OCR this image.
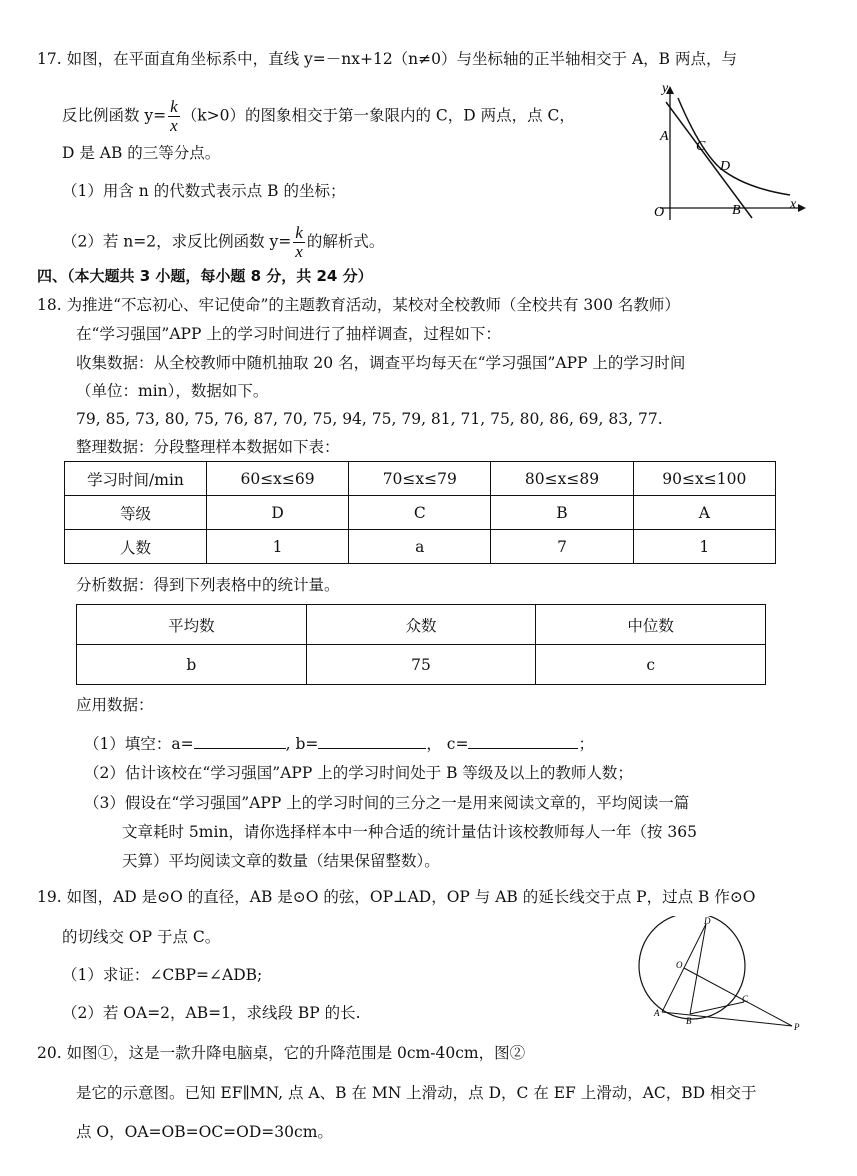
17. 如图，在平面直角坐标系中，直线 y=－nx+12（n≠0）与坐标轴的正半轴相交于 A，B 两点，与
反比例函数 $y= \frac{k}{x} (k>0)$的图象相交于第一象限内的 C，D 两点，点 C，
D 是 AB 的三等分点。
（1）用含 n 的代数式表示点 B 的坐标；
（2）若 n=2，求反比例函数 $y= \frac{k}{x}$ 的解析式。
y
x
A
C
D
O	B
四、（本大题共 3 小题，每小题 8 分，共 24 分）
18. 为推进“不忘初心、牢记使命”的主题教育活动，某校对全校教师（全校共有 300 名教师）
在“学习强国”APP 上的学习时间进行了抽样调查，过程如下：
收集数据：从全校教师中随机抽取 20 名，调查平均每天在“学习强国”APP 上的学习时间
（单位：min），数据如下。
79, 85, 73, 80, 75, 76, 87, 70, 75, 94, 75, 79, 81, 71, 75, 80, 86, 69, 83, 77.
整理数据：分段整理样本数据如下表：
学习时间/min	60≤x≤69	70≤x≤79	80≤x≤89	90≤x≤100
等级	D	C	B	A
人数	1	a	7	1
分析数据：得到下列表格中的统计量。
平均数	众数	中位数
b	75	c
应用数据：
（1）填空：a=	, b=	， c=	；
（2）估计该校在“学习强国”APP 上的学习时间处于 B 等级及以上的教师人数；
（3）假设在“学习强国”APP 上的学习时间的三分之一是用来阅读文章的，平均阅读一篇
文章耗时 5min，请你选择样本中一种合适的统计量估计该校教师每人一年（按 365
天算）平均阅读文章的数量（结果保留整数）。
19. 如图，AD 是⊙O 的直径，AB 是⊙O 的弦，OP⊥AD，OP 与 AB 的延长线交于点 P，过点 B 作⊙O
的切线交 OP 于点 C。
（1）求证：∠CBP=∠ADB;
（2）若 OA=2，AB=1，求线段 BP 的长.
D
O
C
A
B
P
20. 如图①，这是一款升降电脑桌，它的升降范围是 0cm-40cm，图②
是它的示意图。已知 EF∥MN, 点 A、B 在 MN 上滑动，点 D，C 在 EF 上滑动，AC，BD 相交于
点 O，OA=OB=OC=OD=30cm。
